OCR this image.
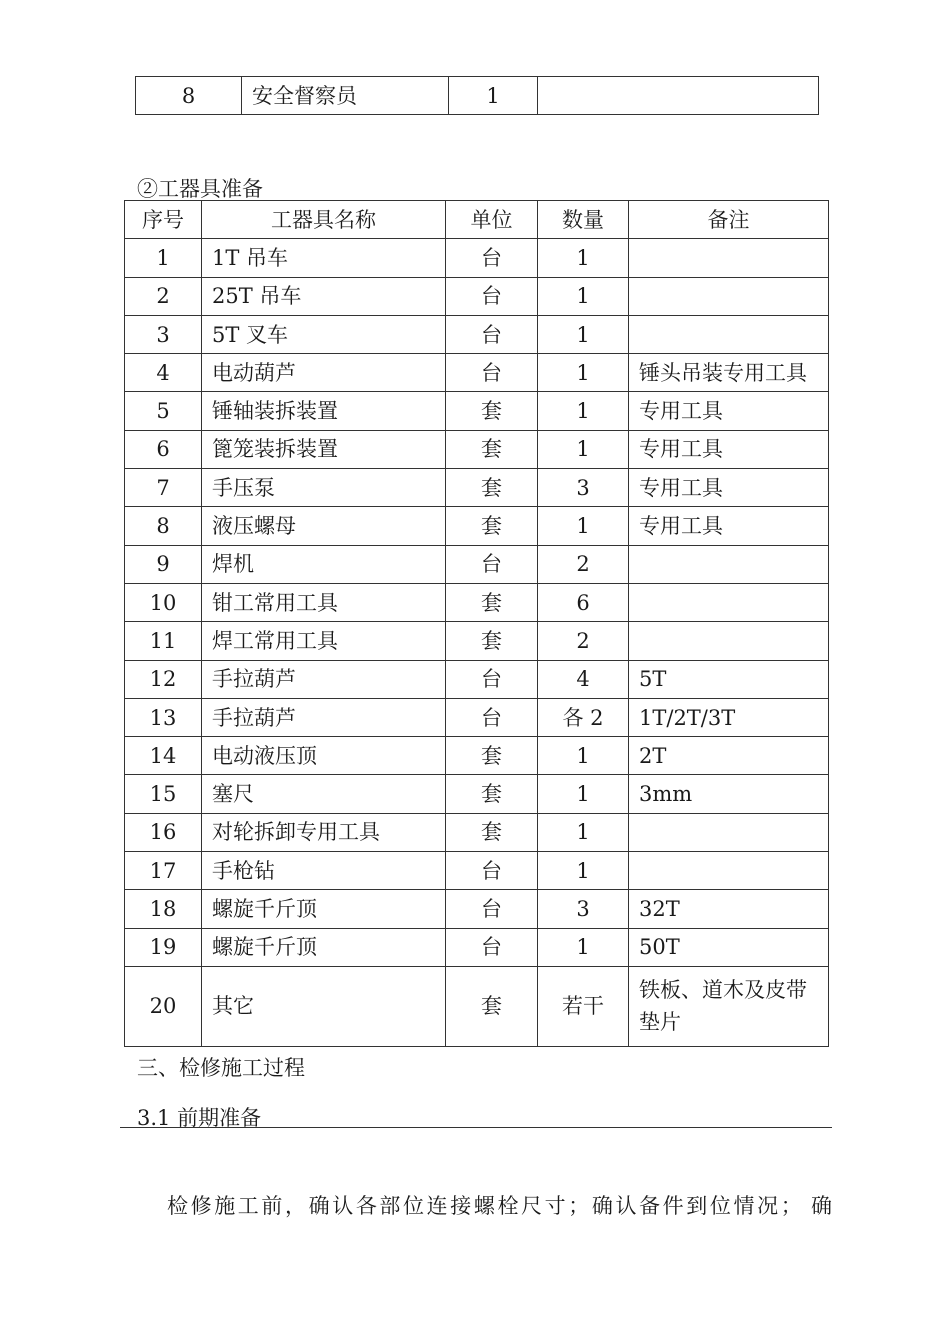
8	安全督察员	1	
②工器具准备
序号	工器具名称	单位	数量	备注
1	1T 吊车	台	1	
2	25T 吊车	台	1	
3	5T 叉车	台	1	
4	电动葫芦	台	1	锤头吊装专用工具
5	锤轴装拆装置	套	1	专用工具
6	篦笼装拆装置	套	1	专用工具
7	手压泵	套	3	专用工具
8	液压螺母	套	1	专用工具
9	焊机	台	2	
10	钳工常用工具	套	6	
11	焊工常用工具	套	2	
12	手拉葫芦	台	4	5T
13	手拉葫芦	台	各 2	1T/2T/3T
14	电动液压顶	套	1	2T
15	塞尺	套	1	3mm
16	对轮拆卸专用工具	套	1	
17	手枪钻	台	1	
18	螺旋千斤顶	台	3	32T
19	螺旋千斤顶	台	1	50T
20	其它	套	若干	铁板、道木及皮带垫片
三、检修施工过程
3.1 前期准备
检修施工前，确认各部位连接螺栓尺寸；确认备件到位情况； 确
